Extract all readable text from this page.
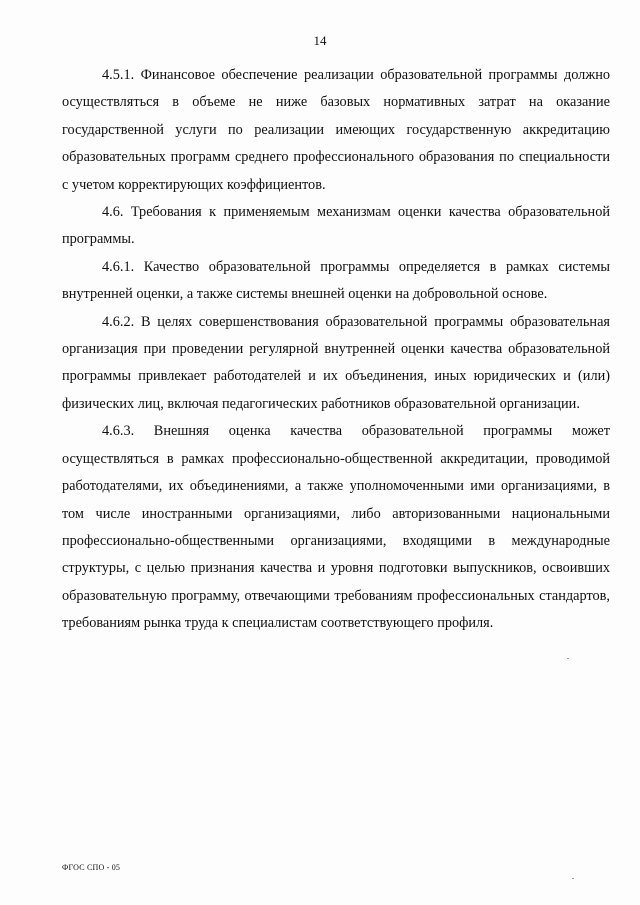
14

4.5.1. Финансовое обеспечение реализации образовательной программы должно осуществляться в объеме не ниже базовых нормативных затрат на оказание государственной услуги по реализации имеющих государственную аккредитацию образовательных программ среднего профессионального образования по специальности с учетом корректирующих коэффициентов.

4.6. Требования к применяемым механизмам оценки качества образовательной программы.

4.6.1. Качество образовательной программы определяется в рамках системы внутренней оценки, а также системы внешней оценки на добровольной основе.

4.6.2. В целях совершенствования образовательной программы образовательная организация при проведении регулярной внутренней оценки качества образовательной программы привлекает работодателей и их объединения, иных юридических и (или) физических лиц, включая педагогических работников образовательной организации.

4.6.3. Внешняя оценка качества образовательной программы может осуществляться в рамках профессионально-общественной аккредитации, проводимой работодателями, их объединениями, а также уполномоченными ими организациями, в том числе иностранными организациями, либо авторизованными национальными профессионально-общественными организациями, входящими в международные структуры, с целью признания качества и уровня подготовки выпускников, освоивших образовательную программу, отвечающими требованиям профессиональных стандартов, требованиям рынка труда к специалистам соответствующего профиля.

ФГОС СПО - 05
